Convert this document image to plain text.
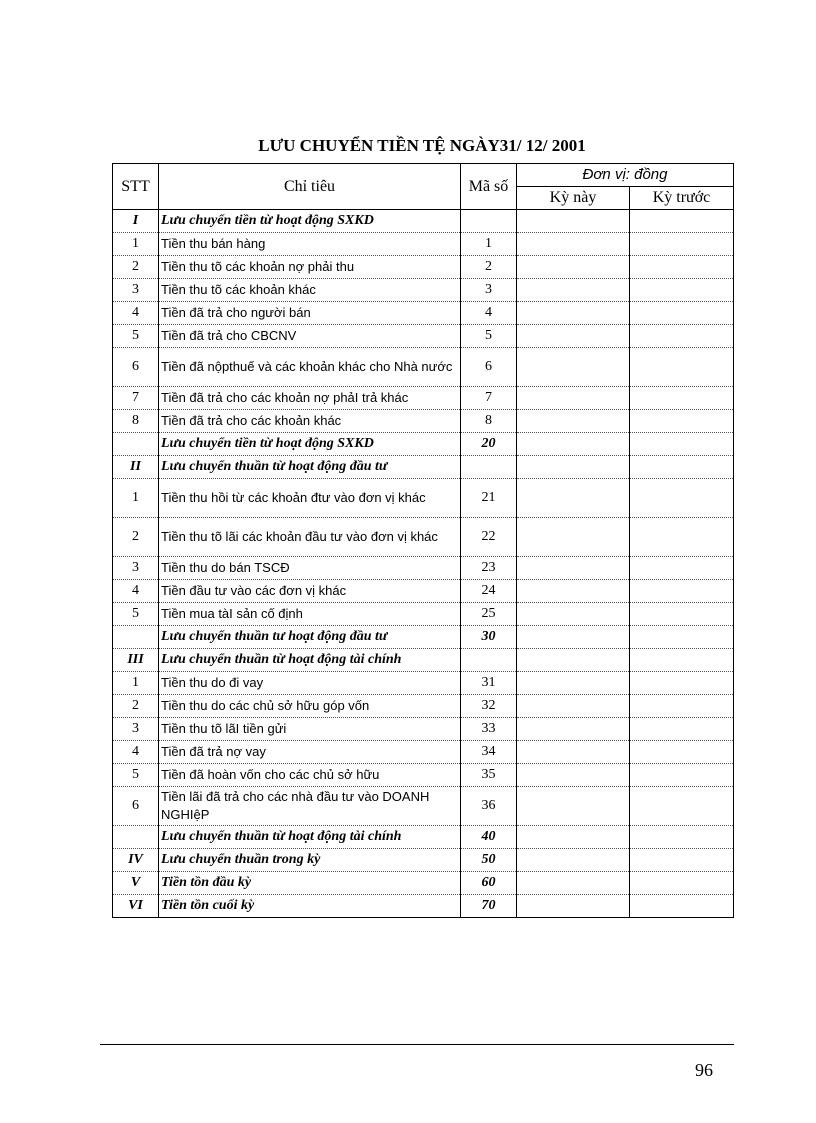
LƯU CHUYỂN TIỀN TỆ NGÀY31/ 12/ 2001
STT	Chỉ tiêu	Mã số	Đơn vị: đồng	
			Kỳ này	Kỳ trước
I	Lưu chuyển tiền từ hoạt động SXKD			
1	Tiền thu bán hàng	1		
2	Tiền thu tõ các khoản nợ phải thu	2		
3	Tiền thu tõ các khoản khác	3		
4	Tiền đã trả cho người bán	4		
5	Tiền đã trả cho CBCNV	5		
6	Tiền đã nộpthuế và các khoản khác cho Nhà nước	6		
7	Tiền đã trả cho các khoản nợ phảI trả khác	7		
8	Tiền đã trả cho các khoản khác	8		
	Lưu chuyển tiền từ hoạt động SXKD	20		
II	Lưu chuyển thuần từ hoạt động đầu tư			
1	Tiền thu hồi từ các khoản đtư vào đơn vị khác	21		
2	Tiền thu tõ lãi các khoản đầu tư vào đơn vị khác	22		
3	Tiền thu do bán TSCĐ	23		
4	Tiền đầu tư vào các đơn vị khác	24		
5	Tiền mua tàI sản cố định	25		
	Lưu chuyển thuần tư hoạt động đầu tư	30		
III	Lưu chuyển thuần từ hoạt động tài chính			
1	Tiền thu do đi vay	31		
2	Tiền thu do các chủ sở hữu góp vốn	32		
3	Tiền thu tõ lãI tiền gửi	33		
4	Tiền đã trả nợ vay	34		
5	Tiền đã hoàn vốn cho các chủ sở hữu	35		
6	Tiền lãi đã trả cho các nhà đầu tư vào DOANH NGHIệP	36		
	Lưu chuyển thuần từ hoạt động tài chính	40		
IV	Lưu chuyển thuần trong kỳ	50		
V	Tiền tồn đầu kỳ	60		
VI	Tiền tồn cuối kỳ	70		
96
